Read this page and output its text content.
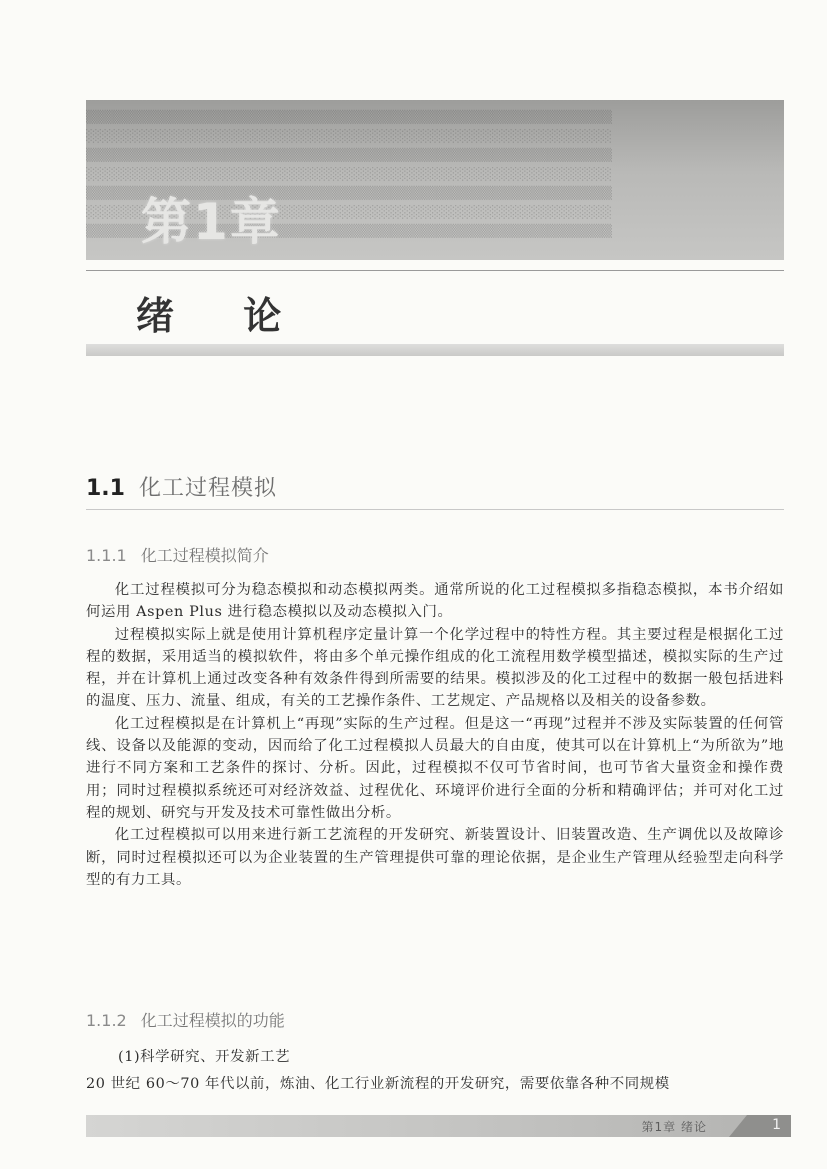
▒▒▒▒▒▒▒▒▒▒▒▒▒▒▒▒▒▒▒▒▒▒▒▒▒▒▒▒▒▒▒▒▒▒▒▒▒▒▒▒▒▒▒▒▒▒▒▒▒▒▒▒▒▒▒▒▒
░░░░░░░░░░░░░░░░░░░░░░░░░░░░░░░░░░░░░░░░░░░░░░░░░░░░░░░░░
▒▒▒▒▒▒▒▒▒▒▒▒▒▒▒▒▒▒▒▒▒▒▒▒▒▒▒▒▒▒▒▒▒▒▒▒▒▒▒▒▒▒▒▒▒▒▒▒▒▒▒▒▒▒▒▒▒
░░░░░░░░░░░░░░░░░░░░░░░░░░░░░░░░░░░░░░░░░░░░░░░░░░░░░░░░░
▒▒▒▒▒▒▒▒▒▒▒▒▒▒▒▒▒▒▒▒▒▒▒▒▒▒▒▒▒▒▒▒▒▒▒▒▒▒▒▒▒▒▒▒▒▒▒▒▒▒▒▒▒▒▒▒▒
░░░░░░░░░░░░░░░░░░░░░░░░░░░░░░░░░░░░░░░░░░░░░░░░░░░░░░░░░
▒▒▒▒▒▒▒▒▒▒▒▒▒▒▒▒▒▒▒▒▒▒▒▒▒▒▒▒▒▒▒▒▒▒▒▒▒▒▒▒▒▒▒▒▒▒▒▒▒▒▒▒▒▒▒▒▒
第1章
绪 论
1.1 化工过程模拟
1.1.1 化工过程模拟简介

化工过程模拟可分为稳态模拟和动态模拟两类。通常所说的化工过程模拟多指稳态模拟，本书介绍如何运用 Aspen Plus 进行稳态模拟以及动态模拟入门。

过程模拟实际上就是使用计算机程序定量计算一个化学过程中的特性方程。其主要过程是根据化工过程的数据，采用适当的模拟软件，将由多个单元操作组成的化工流程用数学模型描述，模拟实际的生产过程，并在计算机上通过改变各种有效条件得到所需要的结果。模拟涉及的化工过程中的数据一般包括进料的温度、压力、流量、组成，有关的工艺操作条件、工艺规定、产品规格以及相关的设备参数。

化工过程模拟是在计算机上“再现”实际的生产过程。但是这一“再现”过程并不涉及实际装置的任何管线、设备以及能源的变动，因而给了化工过程模拟人员最大的自由度，使其可以在计算机上“为所欲为”地进行不同方案和工艺条件的探讨、分析。因此，过程模拟不仅可节省时间，也可节省大量资金和操作费用；同时过程模拟系统还可对经济效益、过程优化、环境评价进行全面的分析和精确评估；并可对化工过程的规划、研究与开发及技术可靠性做出分析。

化工过程模拟可以用来进行新工艺流程的开发研究、新装置设计、旧装置改造、生产调优以及故障诊断，同时过程模拟还可以为企业装置的生产管理提供可靠的理论依据，是企业生产管理从经验型走向科学型的有力工具。

1.1.2 化工过程模拟的功能
(1)科学研究、开发新工艺
20 世纪 60～70 年代以前，炼油、化工行业新流程的开发研究，需要依靠各种不同规模
第1章 绪论	1
